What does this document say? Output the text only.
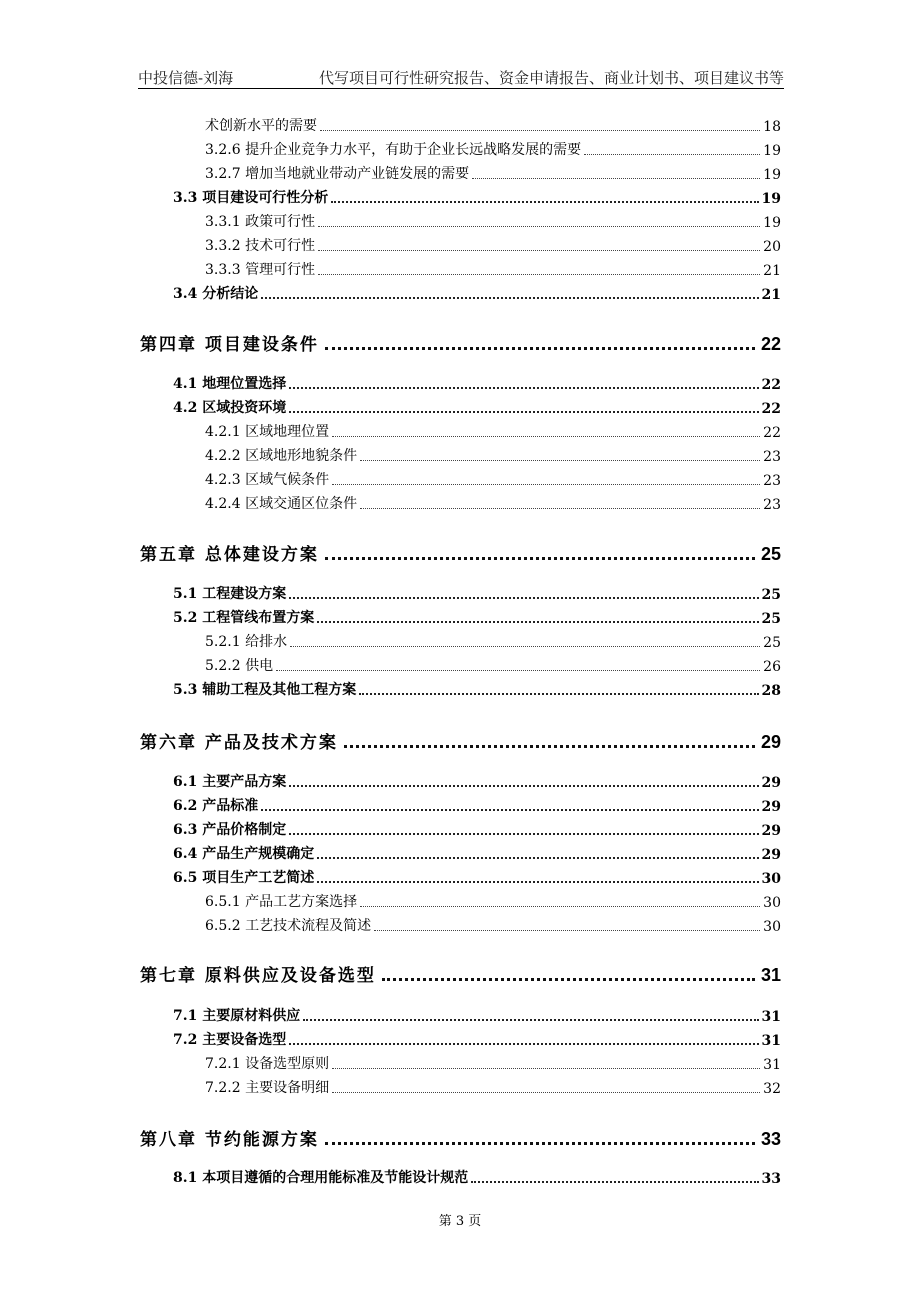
中投信德-刘海	代写项目可行性研究报告、资金申请报告、商业计划书、项目建议书等
术创新水平的需要	18
3.2.6 提升企业竞争力水平，有助于企业长远战略发展的需要	19
3.2.7 增加当地就业带动产业链发展的需要	19
3.3 项目建设可行性分析	19
3.3.1 政策可行性	19
3.3.2 技术可行性	20
3.3.3 管理可行性	21
3.4 分析结论	21
第四章 项目建设条件	22
4.1 地理位置选择	22
4.2 区域投资环境	22
4.2.1 区域地理位置	22
4.2.2 区域地形地貌条件	23
4.2.3 区域气候条件	23
4.2.4 区域交通区位条件	23
第五章 总体建设方案	25
5.1 工程建设方案	25
5.2 工程管线布置方案	25
5.2.1 给排水	25
5.2.2 供电	26
5.3 辅助工程及其他工程方案	28
第六章 产品及技术方案	29
6.1 主要产品方案	29
6.2 产品标准	29
6.3 产品价格制定	29
6.4 产品生产规模确定	29
6.5 项目生产工艺简述	30
6.5.1 产品工艺方案选择	30
6.5.2 工艺技术流程及简述	30
第七章 原料供应及设备选型	31
7.1 主要原材料供应	31
7.2 主要设备选型	31
7.2.1 设备选型原则	31
7.2.2 主要设备明细	32
第八章 节约能源方案	33
8.1 本项目遵循的合理用能标准及节能设计规范	33
第 3 页
